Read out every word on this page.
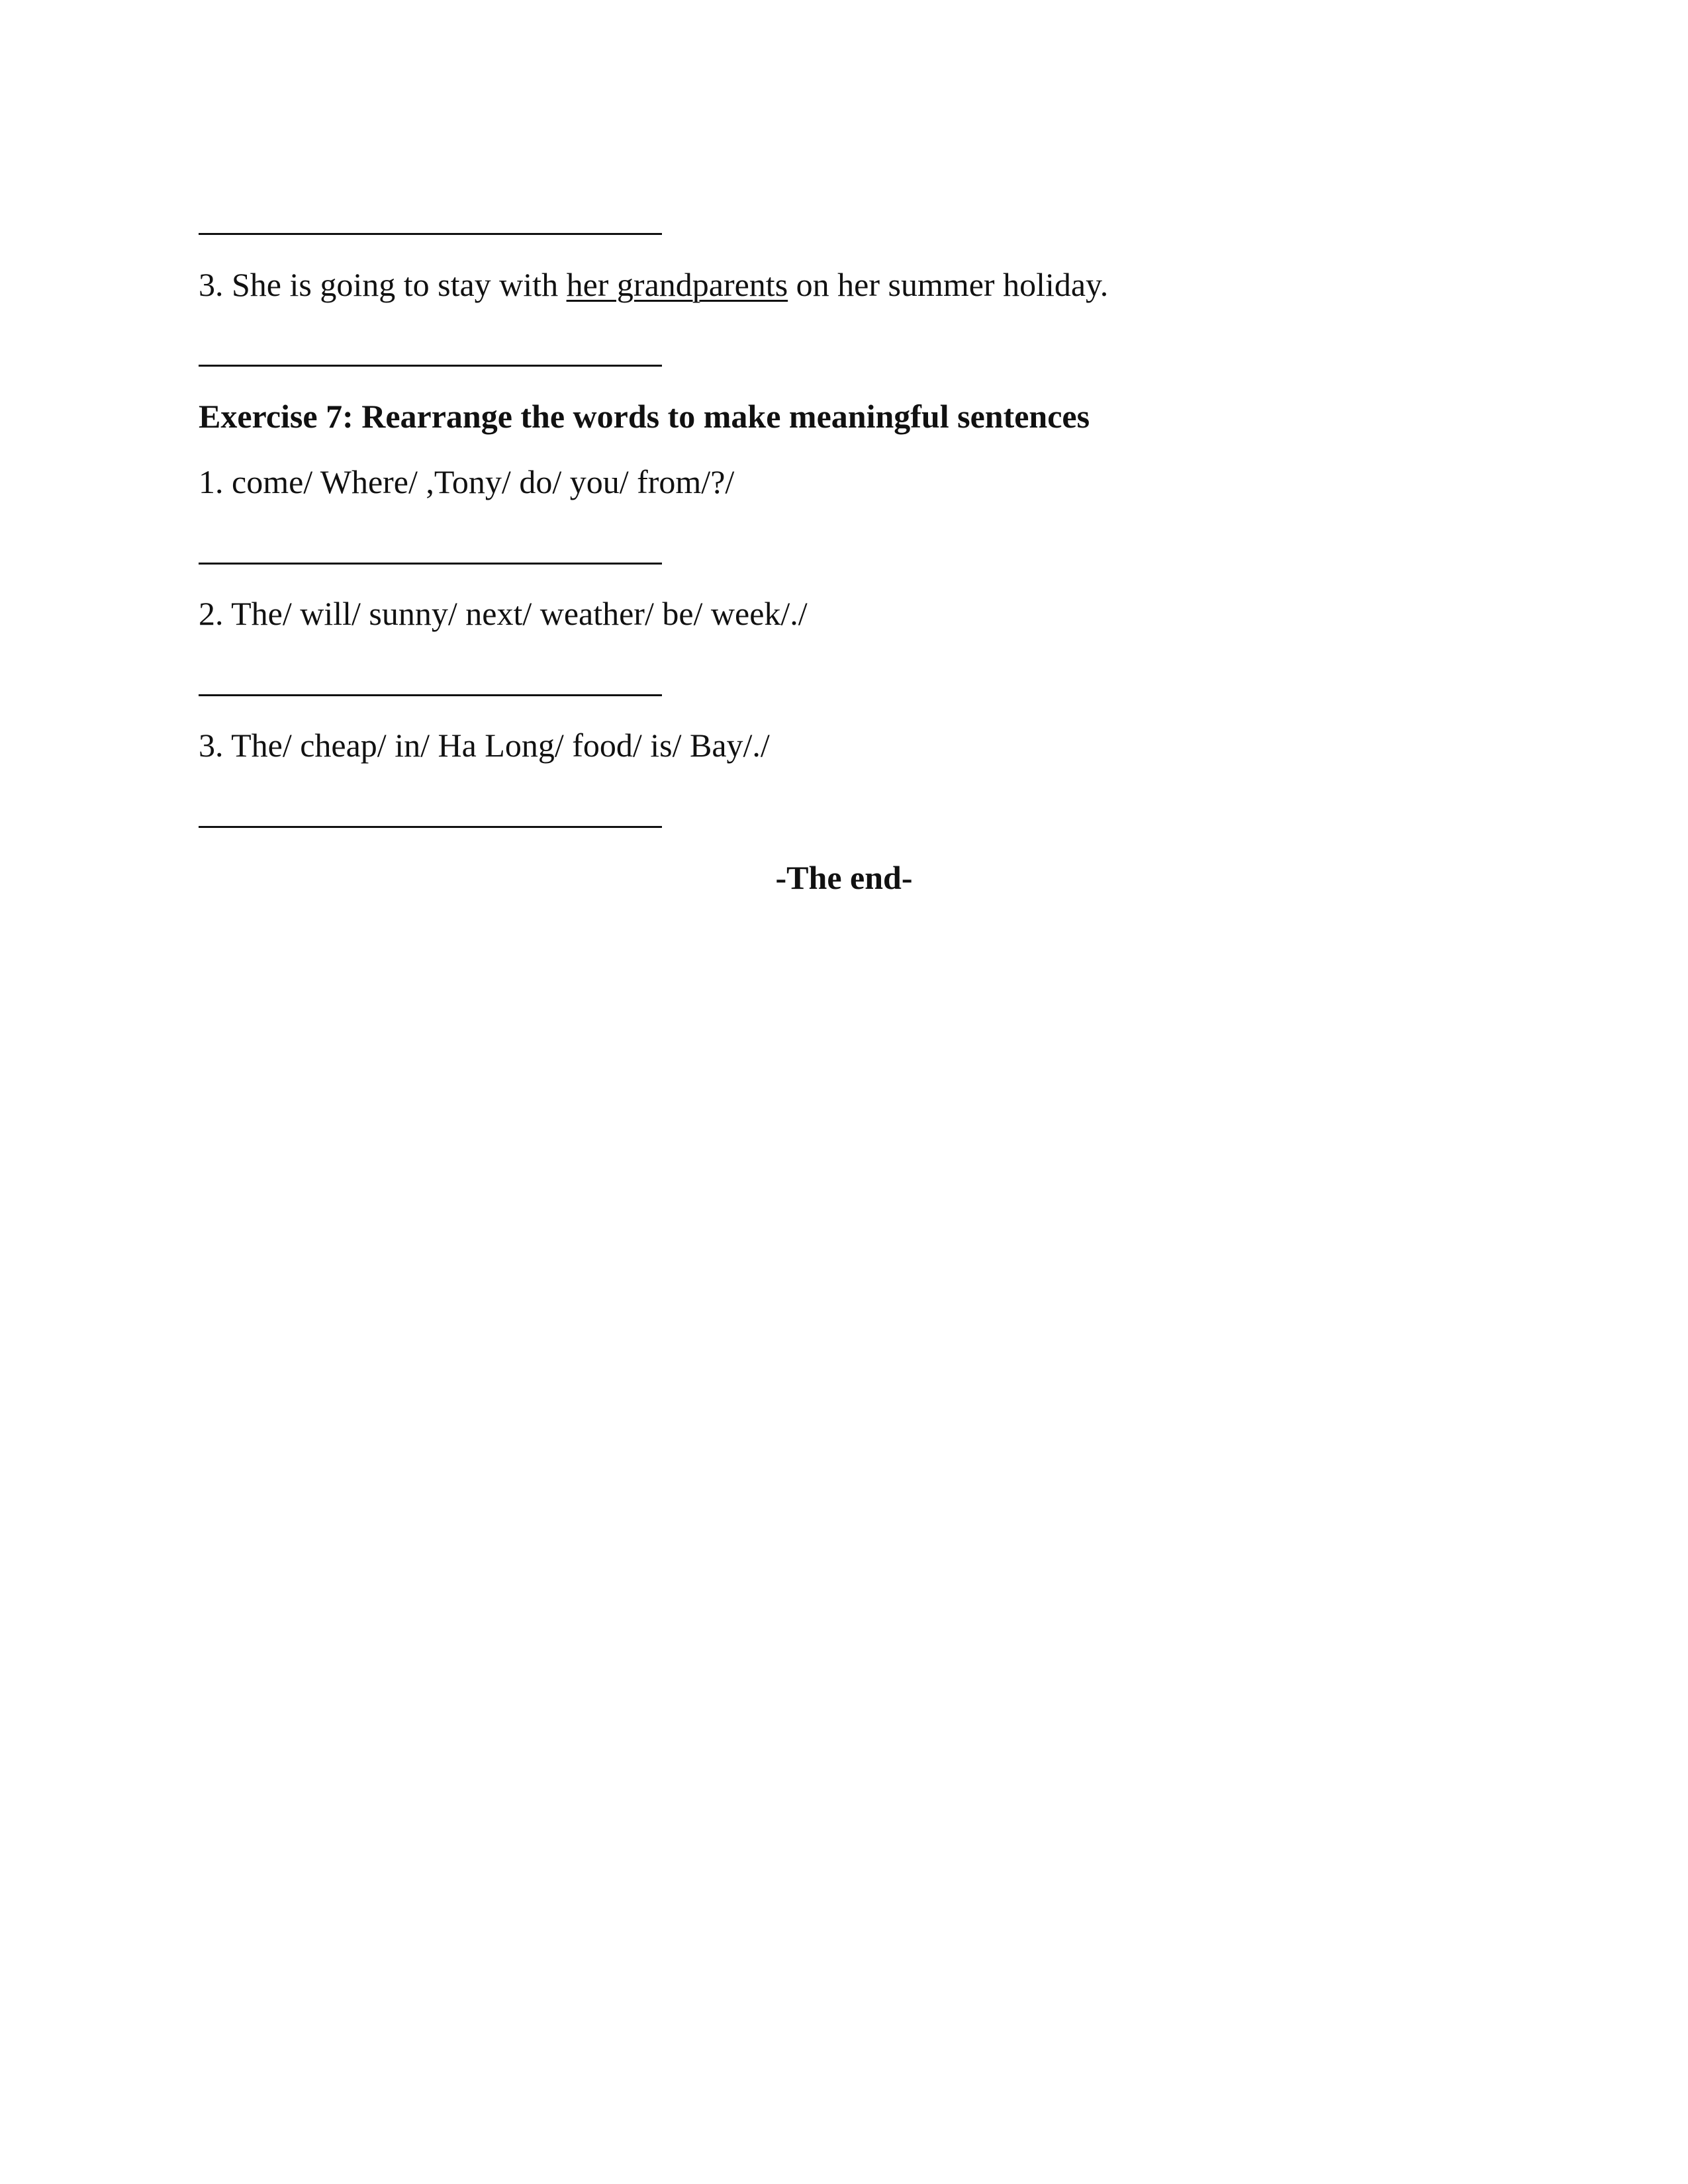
3. She is going to stay with her grandparents on her summer holiday.
Exercise 7: Rearrange the words to make meaningful sentences
1. come/ Where/ ,Tony/ do/ you/ from/?/
2. The/ will/ sunny/ next/ weather/ be/ week/./
3. The/ cheap/ in/ Ha Long/ food/ is/ Bay/./
-The end-
